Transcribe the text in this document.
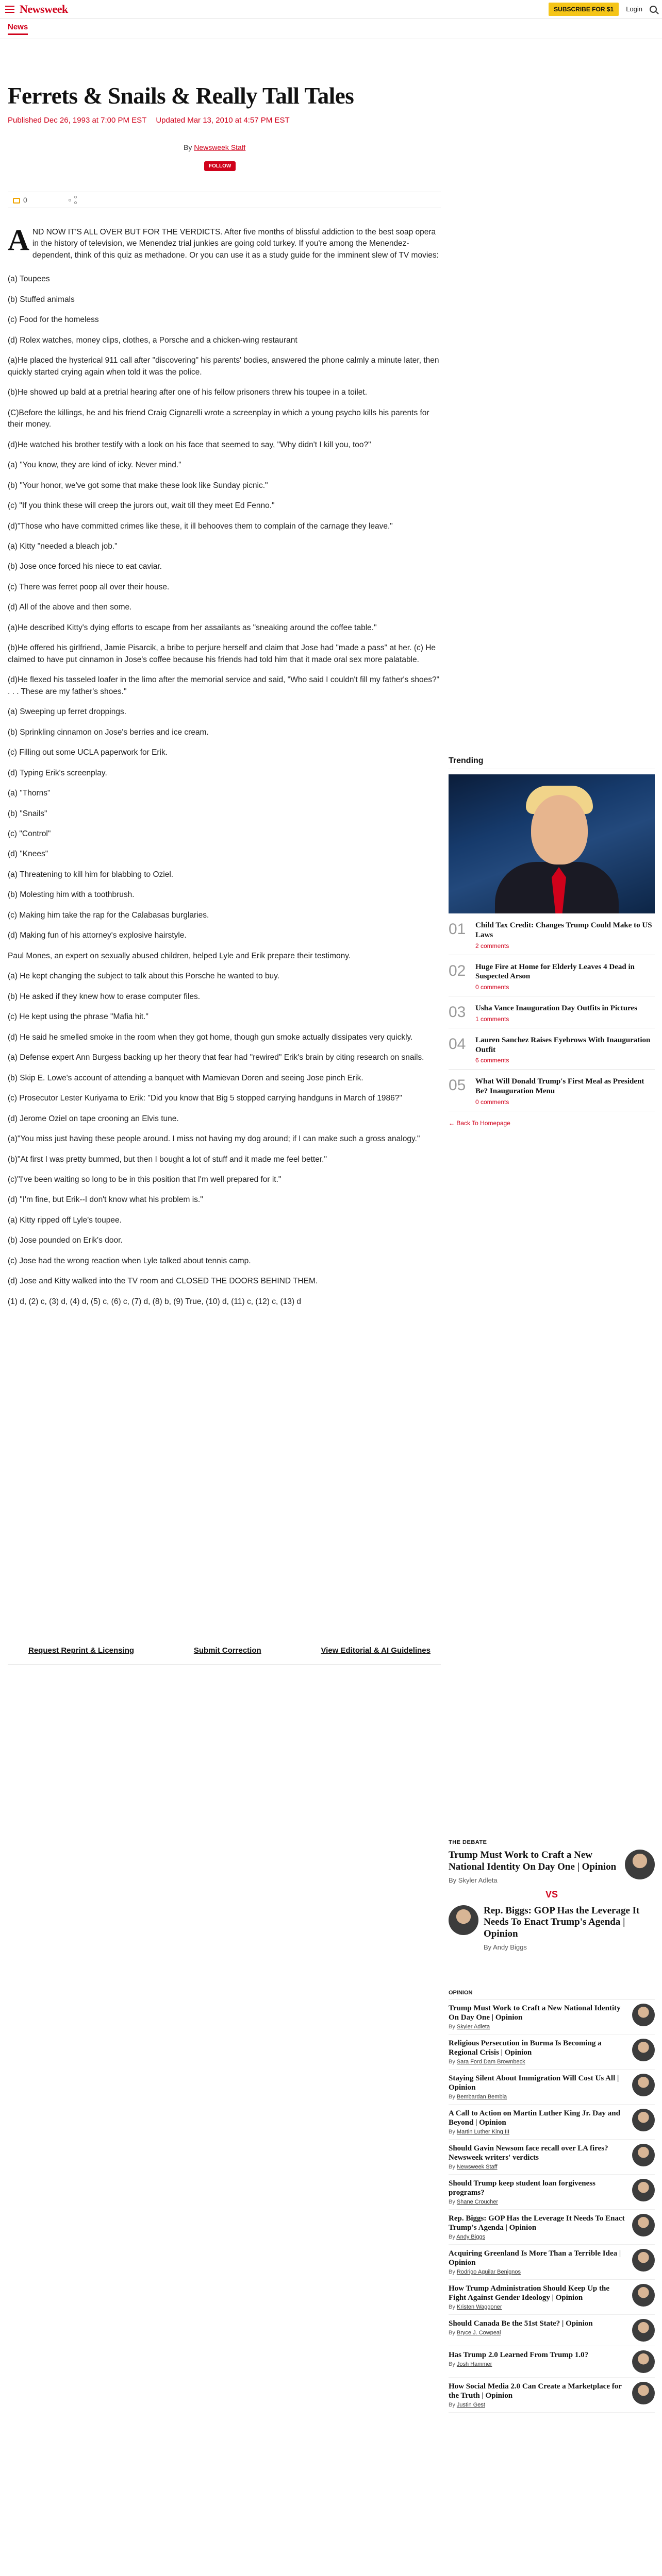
Newsweek	SUBSCRIBE FOR $1	Login
News
Ferrets & Snails & Really Tall Tales
Published Dec 26, 1993 at 7:00 PM EST Updated Mar 13, 2010 at 4:57 PM EST
By Newsweek Staff
FOLLOW
0
A ND NOW IT'S ALL OVER BUT FOR THE VERDICTS. After five months of blissful addiction to the best soap opera in the history of television, we Menendez trial junkies are going cold turkey. If you're among the Menendez-dependent, think of this quiz as methadone. Or you can use it as a study guide for the imminent slew of TV movies:

(a) Toupees

(b) Stuffed animals

(c) Food for the homeless

(d) Rolex watches, money clips, clothes, a Porsche and a chicken-wing restaurant

(a)He placed the hysterical 911 call after "discovering" his parents' bodies, answered the phone calmly a minute later, then quickly started crying again when told it was the police.

(b)He showed up bald at a pretrial hearing after one of his fellow prisoners threw his toupee in a toilet.

(C)Before the killings, he and his friend Craig Cignarelli wrote a screenplay in which a young psycho kills his parents for their money.

(d)He watched his brother testify with a look on his face that seemed to say, "Why didn't I kill you, too?"

(a) "You know, they are kind of icky. Never mind."

(b) "Your honor, we've got some that make these look like Sunday picnic."

(c) "If you think these will creep the jurors out, wait till they meet Ed Fenno."

(d)"Those who have committed crimes like these, it ill behooves them to complain of the carnage they leave."

(a) Kitty "needed a bleach job."

(b) Jose once forced his niece to eat caviar.

(c) There was ferret poop all over their house.

(d) All of the above and then some.

(a)He described Kitty's dying efforts to escape from her assailants as "sneaking around the coffee table."

(b)He offered his girlfriend, Jamie Pisarcik, a bribe to perjure herself and claim that Jose had "made a pass" at her. (c) He claimed to have put cinnamon in Jose's coffee because his friends had told him that it made oral sex more palatable.

(d)He flexed his tasseled loafer in the limo after the memorial service and said, "Who said I couldn't fill my father's shoes?" . . . These are my father's shoes."

(a) Sweeping up ferret droppings.

(b) Sprinkling cinnamon on Jose's berries and ice cream.

(c) Filling out some UCLA paperwork for Erik.

(d) Typing Erik's screenplay.

(a) "Thorns"

(b) "Snails"

(c) "Control"

(d) "Knees"

(a) Threatening to kill him for blabbing to Oziel.

(b) Molesting him with a toothbrush.

(c) Making him take the rap for the Calabasas burglaries.

(d) Making fun of his attorney's explosive hairstyle.

Paul Mones, an expert on sexually abused children, helped Lyle and Erik prepare their testimony.

(a) He kept changing the subject to talk about this Porsche he wanted to buy.

(b) He asked if they knew how to erase computer files.

(c) He kept using the phrase "Mafia hit."

(d) He said he smelled smoke in the room when they got home, though gun smoke actually dissipates very quickly.

(a) Defense expert Ann Burgess backing up her theory that fear had "rewired" Erik's brain by citing research on snails.

(b) Skip E. Lowe's account of attending a banquet with Mamievan Doren and seeing Jose pinch Erik.

(c) Prosecutor Lester Kuriyama to Erik: "Did you know that Big 5 stopped carrying handguns in March of 1986?"

(d) Jerome Oziel on tape crooning an Elvis tune.

(a)"You miss just having these people around. I miss not having my dog around; if I can make such a gross analogy."

(b)"At first I was pretty bummed, but then I bought a lot of stuff and it made me feel better."

(c)"I've been waiting so long to be in this position that I'm well prepared for it."

(d) "I'm fine, but Erik--I don't know what his problem is."

(a) Kitty ripped off Lyle's toupee.

(b) Jose pounded on Erik's door.

(c) Jose had the wrong reaction when Lyle talked about tennis camp.

(d) Jose and Kitty walked into the TV room and CLOSED THE DOORS BEHIND THEM.

(1) d, (2) c, (3) d, (4) d, (5) c, (6) c, (7) d, (8) b, (9) True, (10) d, (11) c, (12) c, (13) d

Request Reprint & Licensing	Submit Correction	View Editorial & AI Guidelines
Trending
01	Child Tax Credit: Changes Trump Could Make to US Laws
2 comments
02	Huge Fire at Home for Elderly Leaves 4 Dead in Suspected Arson
0 comments
03	Usha Vance Inauguration Day Outfits in Pictures
1 comments
04	Lauren Sanchez Raises Eyebrows With Inauguration Outfit
6 comments
05	What Will Donald Trump's First Meal as President Be? Inauguration Menu
0 comments
← Back To Homepage
THE DEBATE
Trump Must Work to Craft a New National Identity On Day One | Opinion
By Skyler Adleta
VS
Rep. Biggs: GOP Has the Leverage It Needs To Enact Trump's Agenda | Opinion
By Andy Biggs
OPINION
Trump Must Work to Craft a New National Identity On Day One | Opinion
By Skyler Adleta
Religious Persecution in Burma Is Becoming a Regional Crisis | Opinion
By Sara Ford Dam Brownbeck
Staying Silent About Immigration Will Cost Us All | Opinion
By Bembardan Bembia
A Call to Action on Martin Luther King Jr. Day and Beyond | Opinion
By Martin Luther King III
Should Gavin Newsom face recall over LA fires? Newsweek writers' verdicts
By Newsweek Staff
Should Trump keep student loan forgiveness programs?
By Shane Croucher
Rep. Biggs: GOP Has the Leverage It Needs To Enact Trump's Agenda | Opinion
By Andy Biggs
Acquiring Greenland Is More Than a Terrible Idea | Opinion
By Rodrigo Aguilar Benignos
How Trump Administration Should Keep Up the Fight Against Gender Ideology | Opinion
By Kristen Waggoner
Should Canada Be the 51st State? | Opinion
By Bryce J. Cowpeal
Has Trump 2.0 Learned From Trump 1.0?
By Josh Hammer
How Social Media 2.0 Can Create a Marketplace for the Truth | Opinion
By Justin Gest
